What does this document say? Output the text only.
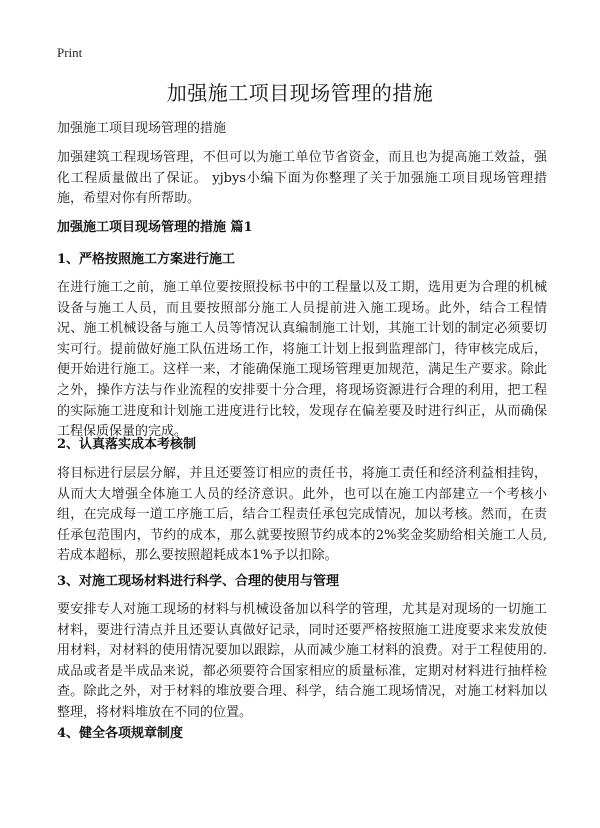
Print
加强施工项目现场管理的措施
加强施工项目现场管理的措施
加强建筑工程现场管理，不但可以为施工单位节省资金，而且也为提高施工效益，强化工程质量做出了保证。 yjbys小编下面为你整理了关于加强施工项目现场管理措施，希望对你有所帮助。
加强施工项目现场管理的措施 篇1
1、严格按照施工方案进行施工
在进行施工之前，施工单位要按照投标书中的工程量以及工期，选用更为合理的机械设备与施工人员，而且要按照部分施工人员提前进入施工现场。此外，结合工程情况、施工机械设备与施工人员等情况认真编制施工计划，其施工计划的制定必须要切实可行。提前做好施工队伍进场工作，将施工计划上报到监理部门，待审核完成后，便开始进行施工。这样一来，才能确保施工现场管理更加规范，满足生产要求。除此之外，操作方法与作业流程的安排要十分合理，将现场资源进行合理的利用，把工程的实际施工进度和计划施工进度进行比较，发现存在偏差要及时进行纠正，从而确保工程保质保量的完成。
2、认真落实成本考核制
将目标进行层层分解，并且还要签订相应的责任书，将施工责任和经济利益相挂钩，从而大大增强全体施工人员的经济意识。此外，也可以在施工内部建立一个考核小组，在完成每一道工序施工后，结合工程责任承包完成情况，加以考核。然而，在责任承包范围内，节约的成本，那么就要按照节约成本的2%奖金奖励给相关施工人员,若成本超标，那么要按照超耗成本1%予以扣除。
3、对施工现场材料进行科学、合理的使用与管理
要安排专人对施工现场的材料与机械设备加以科学的管理，尤其是对现场的一切施工材料，要进行清点并且还要认真做好记录，同时还要严格按照施工进度要求来发放使用材料，对材料的使用情况要加以跟踪，从而减少施工材料的浪费。对于工程使用的.成品或者是半成品来说，都必须要符合国家相应的质量标准，定期对材料进行抽样检查。除此之外，对于材料的堆放要合理、科学，结合施工现场情况，对施工材料加以整理，将材料堆放在不同的位置。
4、健全各项规章制度
